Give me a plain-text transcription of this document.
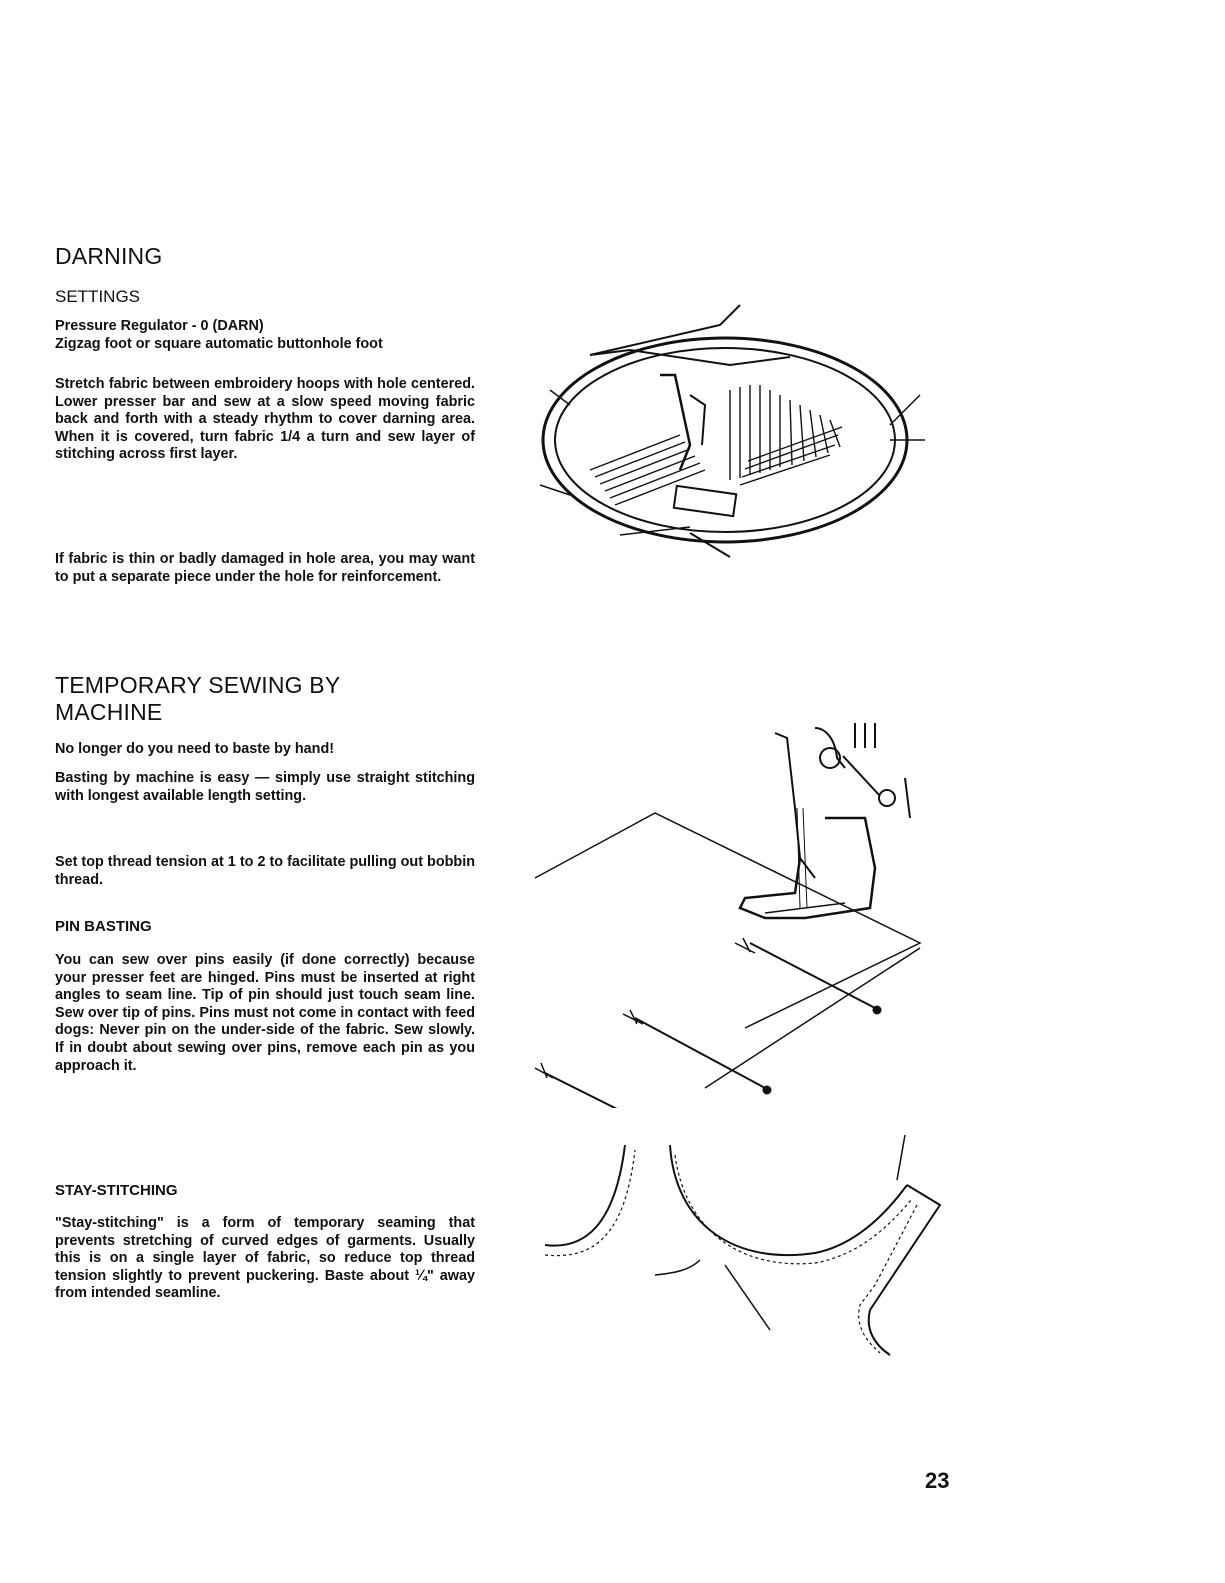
DARNING
SETTINGS

Pressure Regulator - 0 (DARN)

Zigzag foot or square automatic buttonhole foot

Stretch fabric between embroidery hoops with hole centered. Lower presser bar and sew at a slow speed moving fabric back and forth with a steady rhythm to cover darning area. When it is covered, turn fabric 1/4 a turn and sew layer of stitching across first layer.

If fabric is thin or badly damaged in hole area, you may want to put a separate piece under the hole for reinforcement.

TEMPORARY SEWING BY
MACHINE

No longer do you need to baste by hand!

Basting by machine is easy — simply use straight stitching with longest available length setting.

Set top thread tension at 1 to 2 to facilitate pulling out bobbin thread.

PIN BASTING

You can sew over pins easily (if done correctly) because your presser feet are hinged. Pins must be inserted at right angles to seam line. Tip of pin should just touch seam line. Sew over tip of pins. Pins must not come in contact with feed dogs: Never pin on the under-side of the fabric. Sew slowly. If in doubt about sewing over pins, remove each pin as you approach it.

STAY-STITCHING

"Stay-stitching" is a form of temporary seaming that prevents stretching of curved edges of garments. Usually this is on a single layer of fabric, so reduce top thread tension slightly to prevent puckering. Baste about ¼" away from intended seamline.

23
